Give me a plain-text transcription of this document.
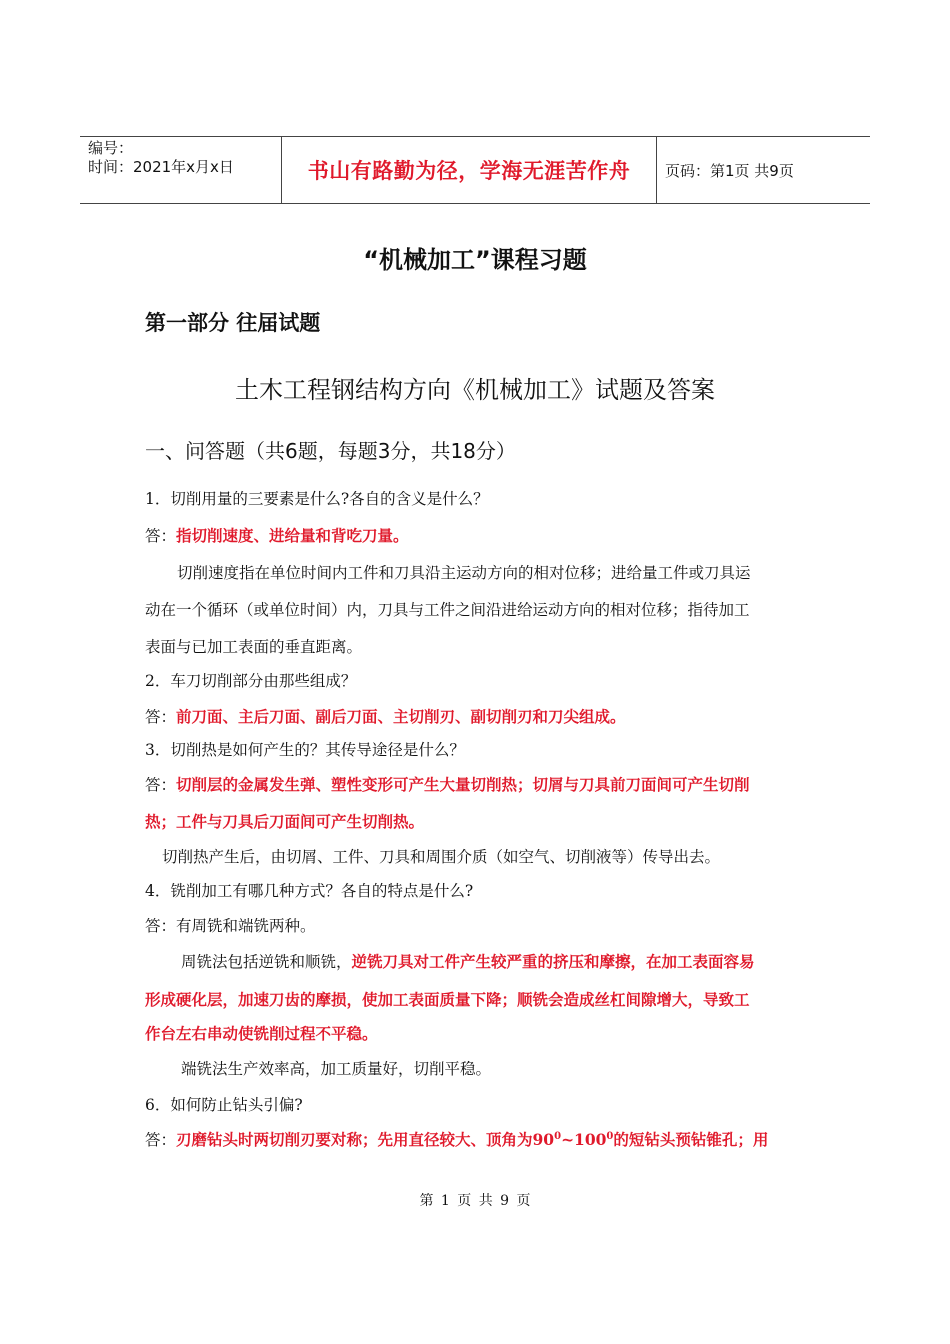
编号：
时间：2021年x月x日	书山有路勤为径，学海无涯苦作舟 页码：第1页 共9页
“机械加工”课程习题
第一部分 往届试题
土木工程钢结构方向《机械加工》试题及答案
一、问答题（共6题，每题3分，共18分）
1．切削用量的三要素是什么?各自的含义是什么？
答：指切削速度、进给量和背吃刀量。
切削速度指在单位时间内工件和刀具沿主运动方向的相对位移；进给量工件或刀具运
动在一个循环（或单位时间）内，刀具与工件之间沿进给运动方向的相对位移；指待加工
表面与已加工表面的垂直距离。
2．车刀切削部分由那些组成？
答：前刀面、主后刀面、副后刀面、主切削刃、副切削刃和刀尖组成。
3．切削热是如何产生的？其传导途径是什么？
答：切削层的金属发生弹、塑性变形可产生大量切削热；切屑与刀具前刀面间可产生切削
热；工件与刀具后刀面间可产生切削热。
切削热产生后，由切屑、工件、刀具和周围介质（如空气、切削液等）传导出去。
4．铣削加工有哪几种方式？各自的特点是什么?
答：有周铣和端铣两种。
周铣法包括逆铣和顺铣，逆铣刀具对工件产生较严重的挤压和摩擦，在加工表面容易
形成硬化层，加速刀齿的摩损，使加工表面质量下降；顺铣会造成丝杠间隙增大，导致工
作台左右串动使铣削过程不平稳。
端铣法生产效率高，加工质量好，切削平稳。
6．如何防止钻头引偏?
答：刃磨钻头时两切削刃要对称；先用直径较大、顶角为$90^0\sim 100^0$的短钻头预钻锥孔；用
第 1 页 共 9 页
